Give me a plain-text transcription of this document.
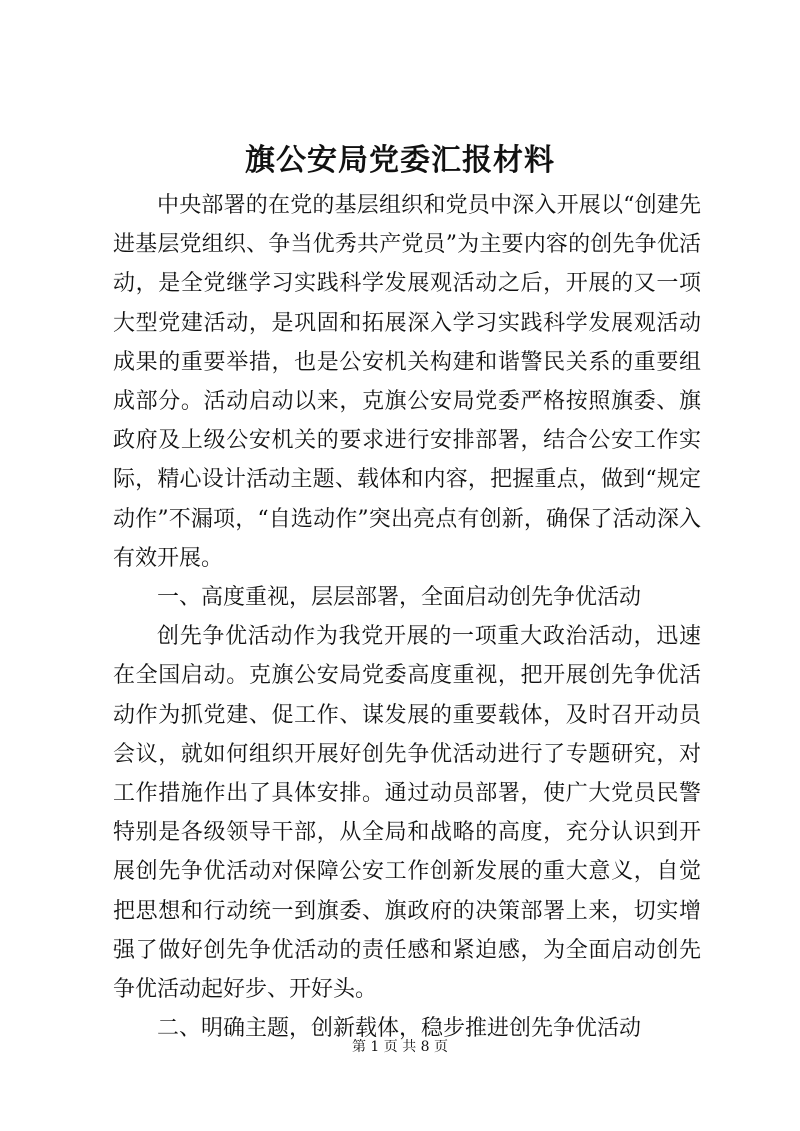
旗公安局党委汇报材料

中央部署的在党的基层组织和党员中深入开展以“创建先进基层党组织、争当优秀共产党员”为主要内容的创先争优活动，是全党继学习实践科学发展观活动之后，开展的又一项大型党建活动，是巩固和拓展深入学习实践科学发展观活动成果的重要举措，也是公安机关构建和谐警民关系的重要组成部分。活动启动以来，克旗公安局党委严格按照旗委、旗政府及上级公安机关的要求进行安排部署，结合公安工作实际，精心设计活动主题、载体和内容，把握重点，做到“规定动作”不漏项，“自选动作”突出亮点有创新，确保了活动深入有效开展。

一、高度重视，层层部署，全面启动创先争优活动

创先争优活动作为我党开展的一项重大政治活动，迅速在全国启动。克旗公安局党委高度重视，把开展创先争优活动作为抓党建、促工作、谋发展的重要载体，及时召开动员会议，就如何组织开展好创先争优活动进行了专题研究，对工作措施作出了具体安排。通过动员部署，使广大党员民警特别是各级领导干部，从全局和战略的高度，充分认识到开展创先争优活动对保障公安工作创新发展的重大意义，自觉把思想和行动统一到旗委、旗政府的决策部署上来，切实增强了做好创先争优活动的责任感和紧迫感，为全面启动创先争优活动起好步、开好头。

二、明确主题，创新载体，稳步推进创先争优活动

第 1 页 共 8 页
